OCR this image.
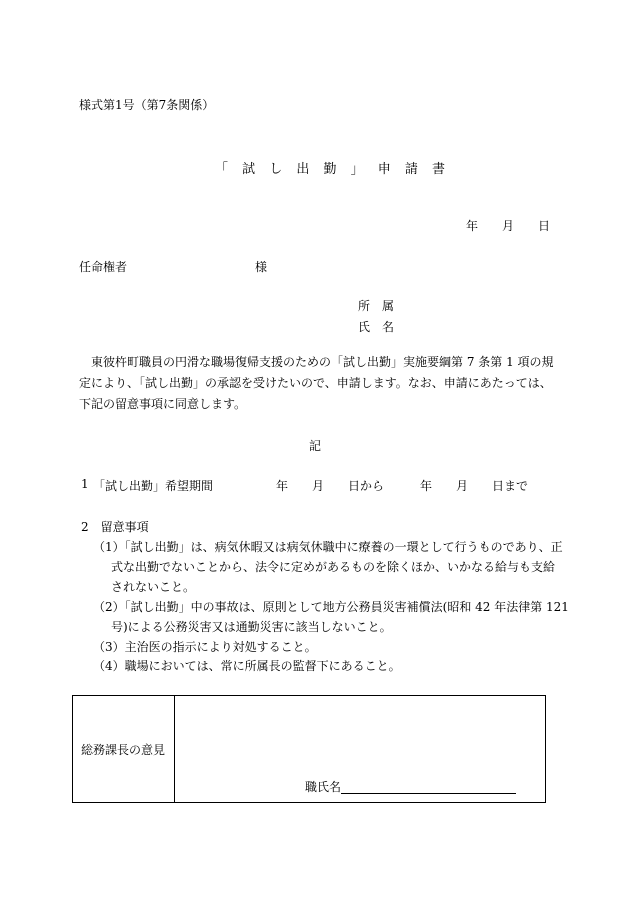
様式第1号（第7条関係）
「 試 し 出 勤 」 申 請 書
年　　月　　日
任命権者	様
所　属
氏　名

東彼杵町職員の円滑な職場復帰支援のための「試し出勤」実施要綱第 7 条第 1 項の規定により、「試し出勤」の承認を受けたいので、申請します。なお、申請にあたっては、下記の留意事項に同意します。

記
1 「試し出勤」希望期間	年　　月　　日から　　　年　　月　　日まで
2　留意事項

（1）「試し出勤」は、病気休暇又は病気休職中に療養の一環として行うものであり、正式な出勤でないことから、法令に定めがあるものを除くほか、いかなる給与も支給されないこと。

（2）「試し出勤」中の事故は、原則として地方公務員災害補償法(昭和 42 年法律第 121 号)による公務災害又は通勤災害に該当しないこと。

（3）主治医の指示により対処すること。

（4）職場においては、常に所属長の監督下にあること。

総務課長の意見
職氏名
